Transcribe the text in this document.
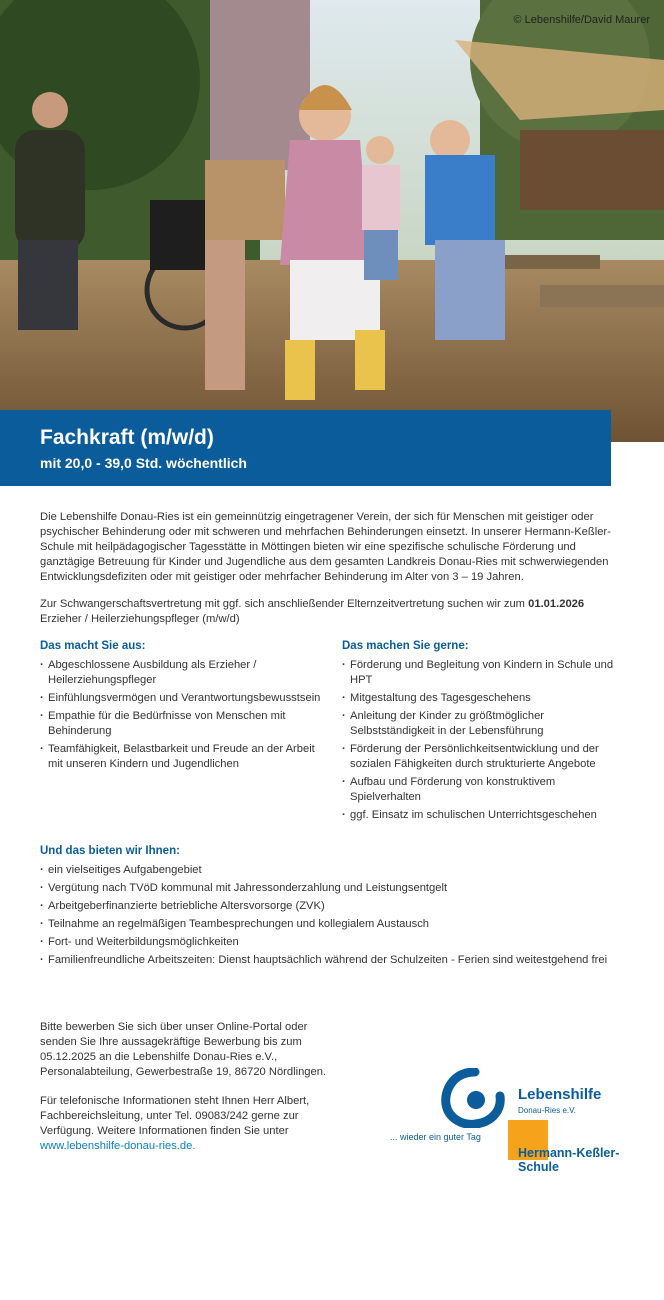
© Lebenshilfe/David Maurer
Fachkraft (m/w/d)
mit 20,0 - 39,0 Std. wöchentlich

Die Lebenshilfe Donau-Ries ist ein gemeinnützig eingetragener Verein, der sich für Menschen mit geistiger oder psychischer Behinderung oder mit schweren und mehrfachen Behinderungen einsetzt. In unserer Hermann-Keßler-Schule mit heilpädagogischer Tagesstätte in Möttingen bieten wir eine spezifische schulische Förderung und ganztägige Betreuung für Kinder und Jugendliche aus dem gesamten Landkreis Donau-Ries mit schwerwiegenden Entwicklungsdefiziten oder mit geistiger oder mehrfacher Behinderung im Alter von 3 – 19 Jahren.

Zur Schwangerschaftsvertretung mit ggf. sich anschließender Elternzeitvertretung suchen wir zum 01.01.2026
Erzieher / Heilerziehungspfleger (m/w/d)

Das macht Sie aus:
· Abgeschlossene Ausbildung als Erzieher / Heilerziehungspfleger
· Einfühlungsvermögen und Verantwortungsbewusstsein
· Empathie für die Bedürfnisse von Menschen mit Behinderung
· Teamfähigkeit, Belastbarkeit und Freude an der Arbeit mit unseren Kindern und Jugendlichen
Das machen Sie gerne:
· Förderung und Begleitung von Kindern in Schule und HPT
· Mitgestaltung des Tagesgeschehens
· Anleitung der Kinder zu größtmöglicher Selbstständigkeit in der Lebensführung
· Förderung der Persönlichkeitsentwicklung und der sozialen Fähigkeiten durch strukturierte Angebote
· Aufbau und Förderung von konstruktivem Spielverhalten
· ggf. Einsatz im schulischen Unterrichtsgeschehen
Und das bieten wir Ihnen:
· ein vielseitiges Aufgabengebiet
· Vergütung nach TVöD kommunal mit Jahressonderzahlung und Leistungsentgelt
· Arbeitgeberfinanzierte betriebliche Altersvorsorge (ZVK)
· Teilnahme an regelmäßigen Teambesprechungen und kollegialem Austausch
· Fort- und Weiterbildungsmöglichkeiten
· Familienfreundliche Arbeitszeiten: Dienst hauptsächlich während der Schulzeiten - Ferien sind weitestgehend frei

Bitte bewerben Sie sich über unser Online-Portal oder senden Sie Ihre aussagekräftige Bewerbung bis zum 05.12.2025 an die Lebenshilfe Donau-Ries e.V., Personalabteilung, Gewerbestraße 19, 86720 Nördlingen.

Für telefonische Informationen steht Ihnen Herr Albert, Fachbereichsleitung, unter Tel. 09083/242 gerne zur Verfügung. Weitere Informationen finden Sie unter www.lebenshilfe-donau-ries.de.

Lebenshilfe
Donau-Ries e.V.
... wieder ein guter Tag
Hermann-Keßler-
Schule
